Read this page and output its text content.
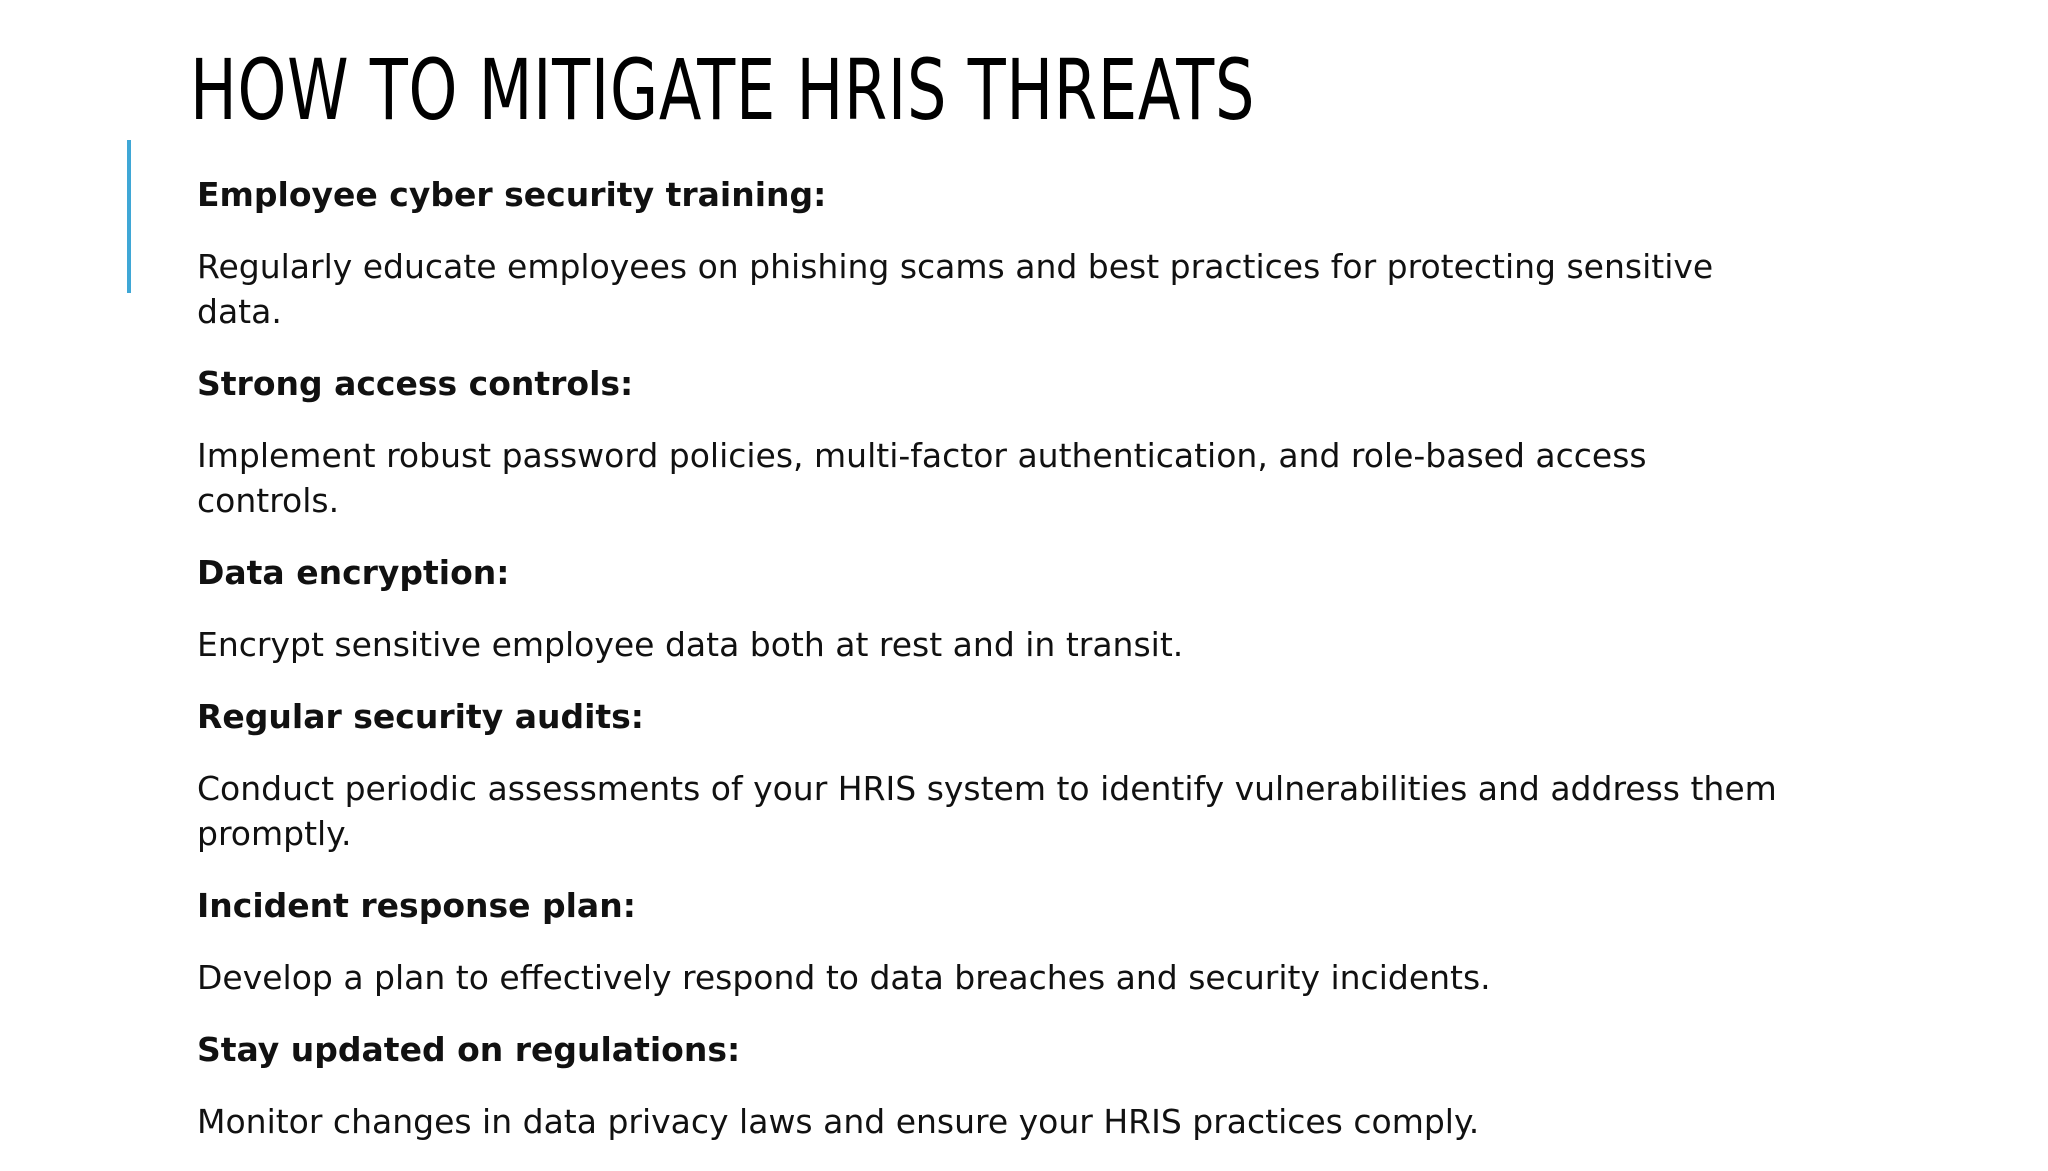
HOW TO MITIGATE HRIS THREATS
Employee cyber security training:
Regularly educate employees on phishing scams and best practices for protecting sensitive data.
Strong access controls:
Implement robust password policies, multi-factor authentication, and role-based access controls.
Data encryption:
Encrypt sensitive employee data both at rest and in transit.
Regular security audits:
Conduct periodic assessments of your HRIS system to identify vulnerabilities and address them promptly.
Incident response plan:
Develop a plan to effectively respond to data breaches and security incidents.
Stay updated on regulations:
Monitor changes in data privacy laws and ensure your HRIS practices comply.
